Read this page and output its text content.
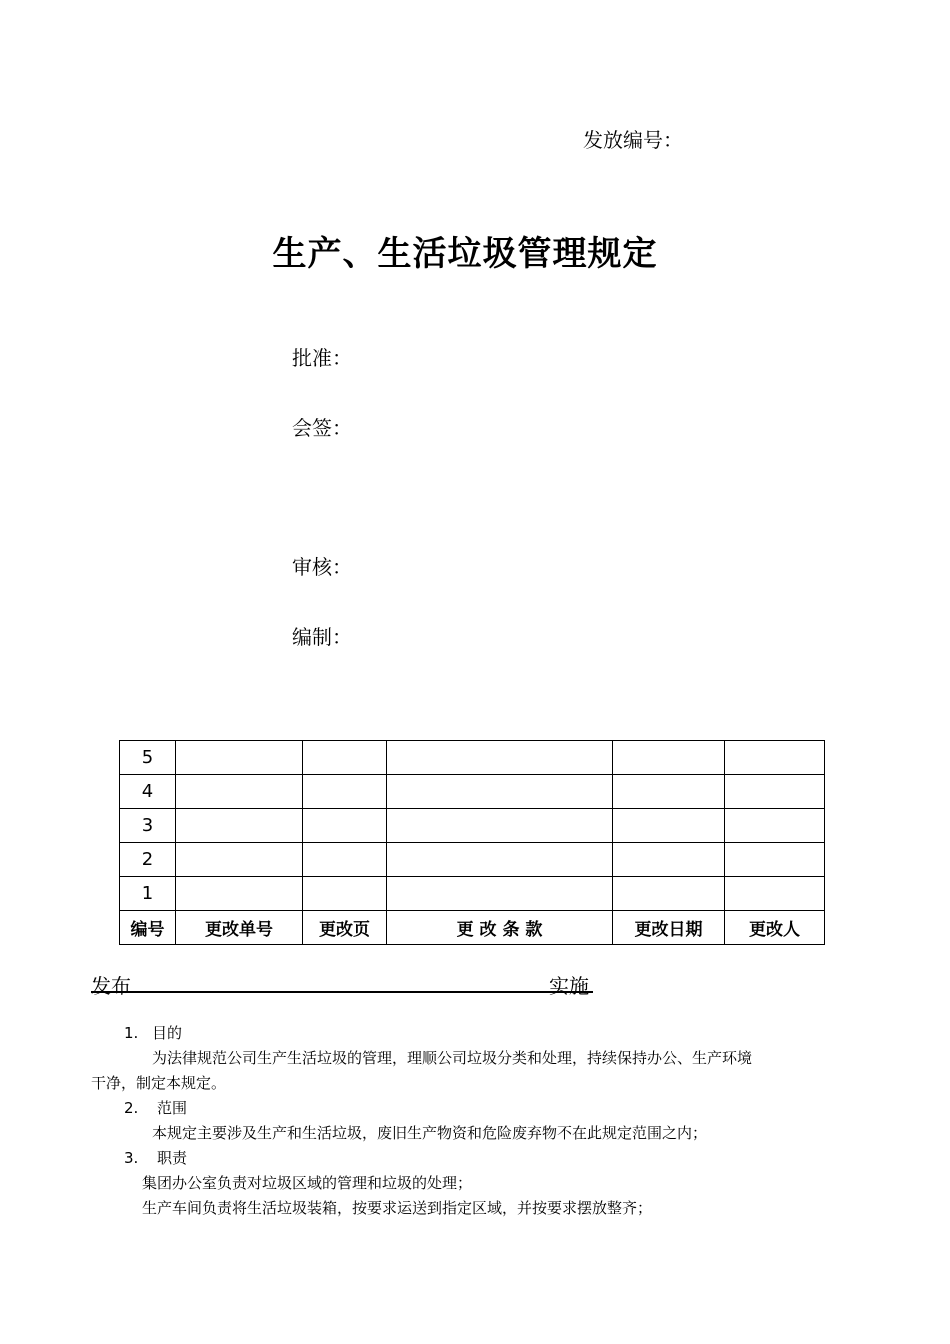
发放编号：
生产、生活垃圾管理规定
批准：
会签：
审核：
编制：
5					
4					
3					
2					
1					
编号	更改单号	更改页	更 改 条 款	更改日期	更改人
发布	实施
1. 目的
为法律规范公司生产生活垃圾的管理，理顺公司垃圾分类和处理，持续保持办公、生产环境
干净，制定本规定。
2. 范围
本规定主要涉及生产和生活垃圾，废旧生产物资和危险废弃物不在此规定范围之内；
3. 职责
集团办公室负责对垃圾区域的管理和垃圾的处理；
生产车间负责将生活垃圾装箱，按要求运送到指定区域，并按要求摆放整齐；
